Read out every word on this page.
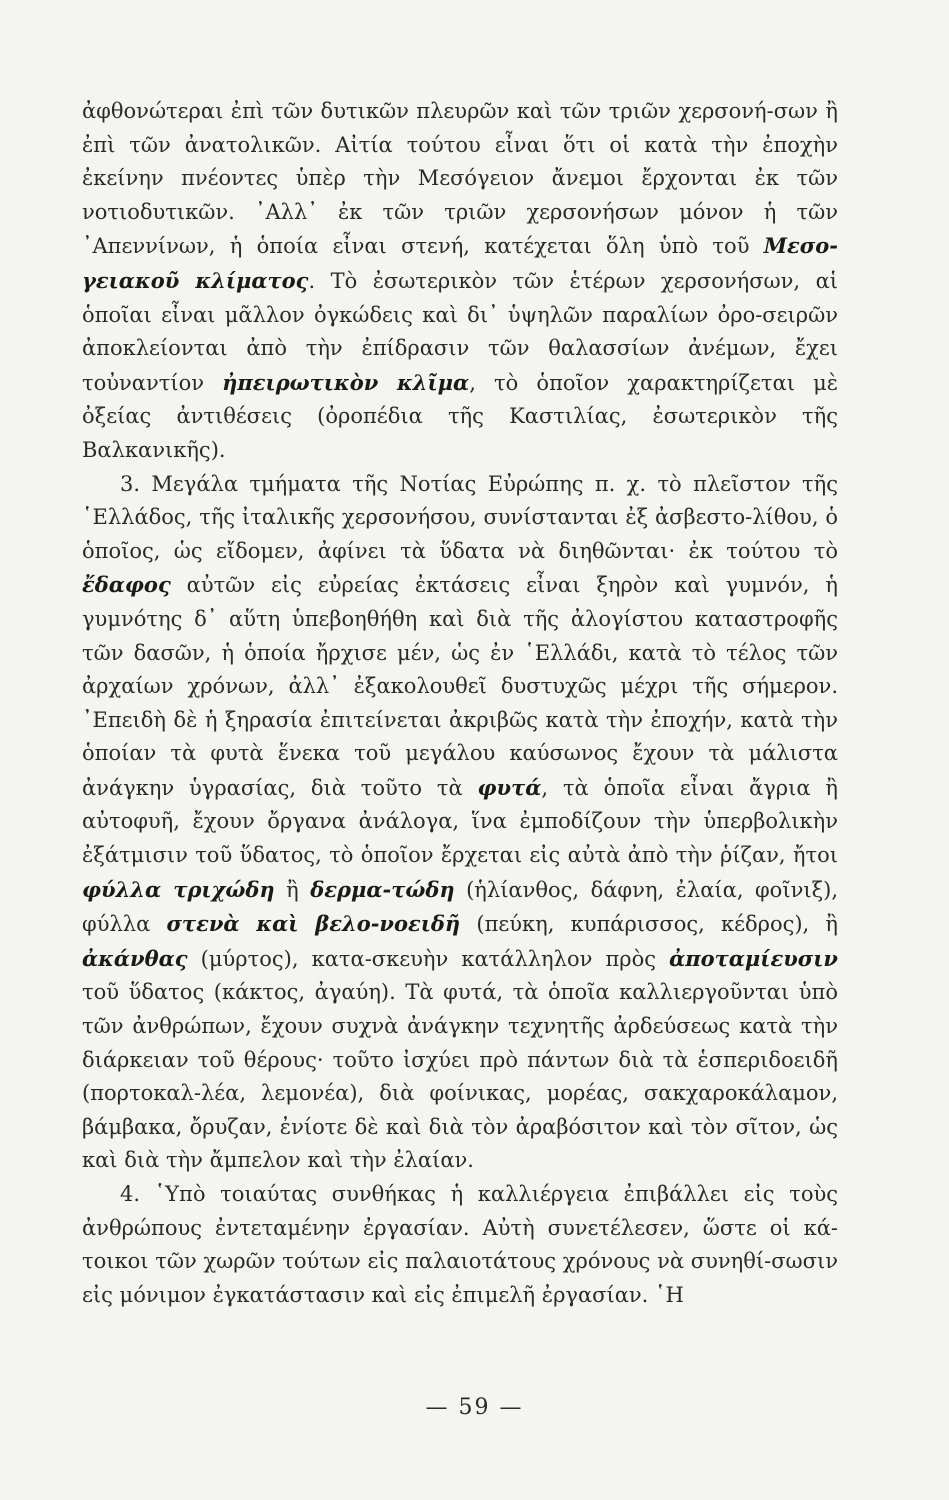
ἀφθονώτεραι ἐπὶ τῶν δυτικῶν πλευρῶν καὶ τῶν τριῶν χερσονή-σων ἢ ἐπὶ τῶν ἀνατολικῶν. Αἰτία τούτου εἶναι ὅτι οἱ κατὰ τὴν ἐποχὴν ἐκείνην πνέοντες ὑπὲρ τὴν Μεσόγειον ἄνεμοι ἔρχονται ἐκ τῶν νοτιοδυτικῶν. ᾽Αλλ᾽ ἐκ τῶν τριῶν χερσονήσων μόνον ἡ τῶν ᾽Απεννίνων, ἡ ὁποία εἶναι στενή, κατέχεται ὅλη ὑπὸ τοῦ Μεσο-γειακοῦ κλίματος. Τὸ ἐσωτερικὸν τῶν ἑτέρων χερσονήσων, αἱ ὁποῖαι εἶναι μᾶλλον ὀγκώδεις καὶ δι᾽ ὑψηλῶν παραλίων ὀρο-σειρῶν ἀποκλείονται ἀπὸ τὴν ἐπίδρασιν τῶν θαλασσίων ἀνέμων, ἔχει τοὐναντίον ἠπειρωτικὸν κλῖμα, τὸ ὁποῖον χαρακτηρίζεται μὲ ὀξείας ἀντιθέσεις (ὀροπέδια τῆς Καστιλίας, ἐσωτερικὸν τῆς Βαλκανικῆς).

3. Μεγάλα τμήματα τῆς Νοτίας Εὐρώπης π. χ. τὸ πλεῖστον τῆς ῾Ελλάδος, τῆς ἰταλικῆς χερσονήσου, συνίστανται ἐξ ἀσβεστο-λίθου, ὁ ὁποῖος, ὡς εἴδομεν, ἀφίνει τὰ ὕδατα νὰ διηθῶνται· ἐκ τούτου τὸ ἔδαφος αὐτῶν εἰς εὐρείας ἐκτάσεις εἶναι ξηρὸν καὶ γυμνόν, ἡ γυμνότης δ᾽ αὕτη ὑπεβοηθήθη καὶ διὰ τῆς ἀλογίστου καταστροφῆς τῶν δασῶν, ἡ ὁποία ἤρχισε μέν, ὡς ἐν ῾Ελλάδι, κατὰ τὸ τέλος τῶν ἀρχαίων χρόνων, ἀλλ᾽ ἐξακολουθεῖ δυστυχῶς μέχρι τῆς σήμερον. ᾽Επειδὴ δὲ ἡ ξηρασία ἐπιτείνεται ἀκριβῶς κατὰ τὴν ἐποχήν, κατὰ τὴν ὁποίαν τὰ φυτὰ ἕνεκα τοῦ μεγάλου καύσωνος ἔχουν τὰ μάλιστα ἀνάγκην ὑγρασίας, διὰ τοῦτο τὰ φυτά, τὰ ὁποῖα εἶναι ἄγρια ἢ αὐτοφυῆ, ἔχουν ὄργανα ἀνάλογα, ἵνα ἐμποδίζουν τὴν ὑπερβολικὴν ἐξάτμισιν τοῦ ὕδατος, τὸ ὁποῖον ἔρχεται εἰς αὐτὰ ἀπὸ τὴν ῥίζαν, ἤτοι φύλλα τριχώδη ἢ δερμα-τώδη (ἡλίανθος, δάφνη, ἐλαία, φοῖνιξ), φύλλα στενὰ καὶ βελο-νοειδῆ (πεύκη, κυπάρισσος, κέδρος), ἢ ἀκάνθας (μύρτος), κατα-σκευὴν κατάλληλον πρὸς ἀποταμίευσιν τοῦ ὕδατος (κάκτος, ἀγαύη). Τὰ φυτά, τὰ ὁποῖα καλλιεργοῦνται ὑπὸ τῶν ἀνθρώπων, ἔχουν συχνὰ ἀνάγκην τεχνητῆς ἀρδεύσεως κατὰ τὴν διάρκειαν τοῦ θέρους· τοῦτο ἰσχύει πρὸ πάντων διὰ τὰ ἑσπεριδοειδῆ (πορτοκαλ-λέα, λεμονέα), διὰ φοίνικας, μορέας, σακχαροκάλαμον, βάμβακα, ὄρυζαν, ἐνίοτε δὲ καὶ διὰ τὸν ἀραβόσιτον καὶ τὸν σῖτον, ὡς καὶ διὰ τὴν ἄμπελον καὶ τὴν ἐλαίαν.

4. ῾Υπὸ τοιαύτας συνθήκας ἡ καλλιέργεια ἐπιβάλλει εἰς τοὺς ἀνθρώπους ἐντεταμένην ἐργασίαν. Αὐτὴ συνετέλεσεν, ὥστε οἱ κά-τοικοι τῶν χωρῶν τούτων εἰς παλαιοτάτους χρόνους νὰ συνηθί-σωσιν εἰς μόνιμον ἐγκατάστασιν καὶ εἰς ἐπιμελῆ ἐργασίαν. ῾Η

— 59 —
